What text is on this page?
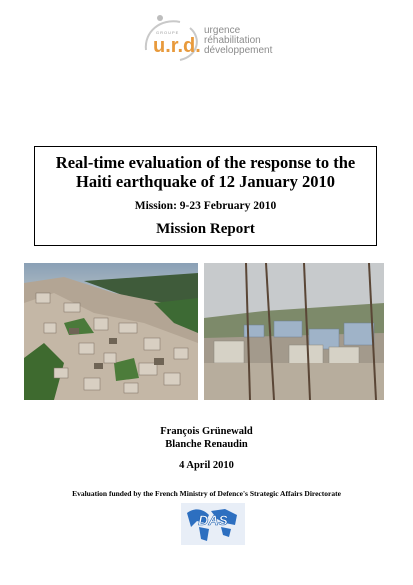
GROUPE
u.r.d.
urgence
réhabilitation
développement
Real-time evaluation of the response to the
Haiti earthquake of 12 January 2010
Mission: 9-23 February 2010
Mission Report
François Grünewald
Blanche Renaudin
4 April 2010
Evaluation funded by the French Ministry of Defence's Strategic Affairs Directorate
DAS
